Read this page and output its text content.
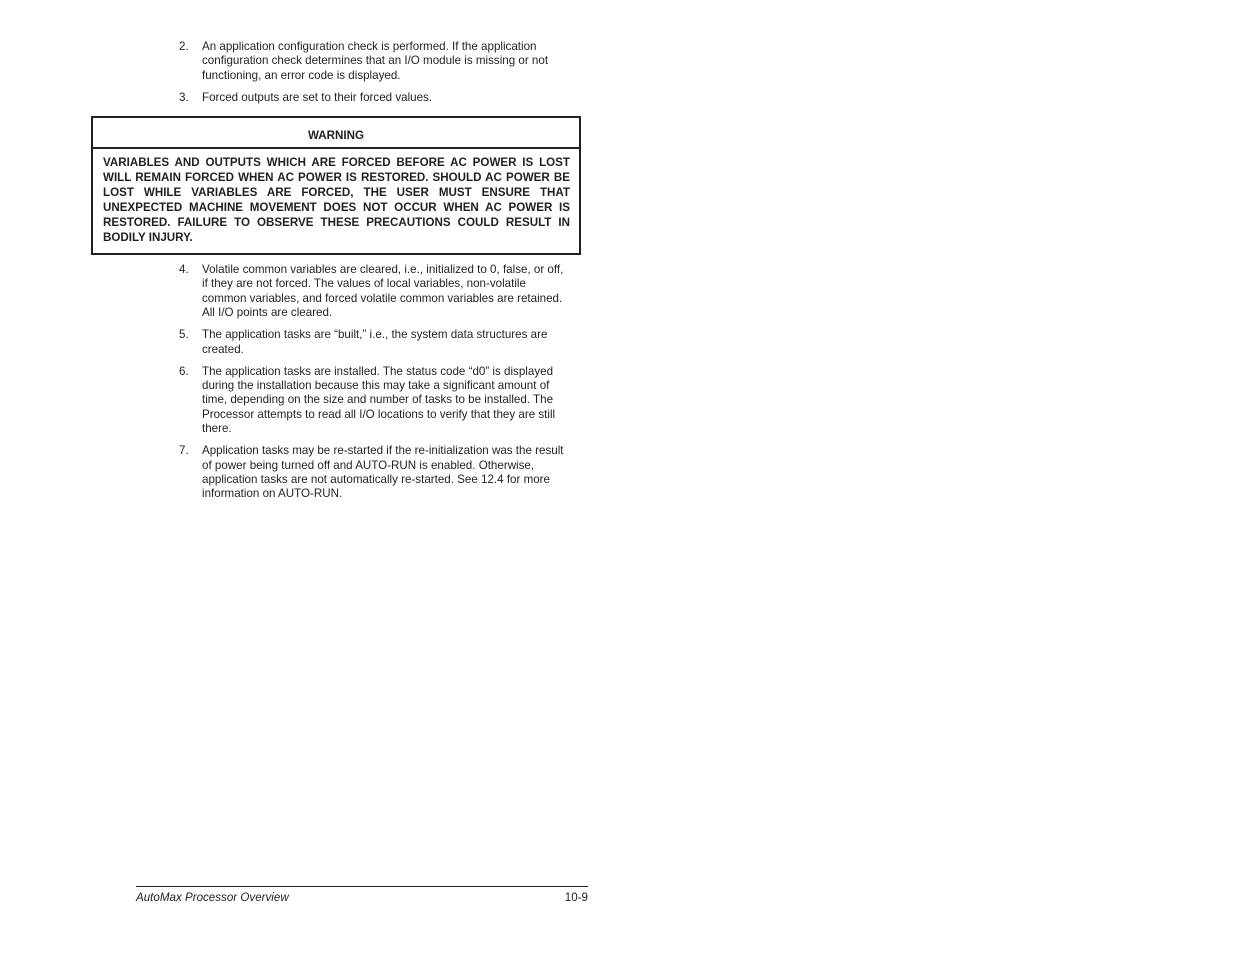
2.	An application configuration check is performed. If the application configuration check determines that an I/O module is missing or not functioning, an error code is displayed.
3.	Forced outputs are set to their forced values.
WARNING
VARIABLES AND OUTPUTS WHICH ARE FORCED BEFORE AC POWER IS LOST WILL REMAIN FORCED WHEN AC POWER IS RESTORED. SHOULD AC POWER BE LOST WHILE VARIABLES ARE FORCED, THE USER MUST ENSURE THAT UNEXPECTED MACHINE MOVEMENT DOES NOT OCCUR WHEN AC POWER IS RESTORED. FAILURE TO OBSERVE THESE PRECAUTIONS COULD RESULT IN BODILY INJURY.
4.	Volatile common variables are cleared, i.e., initialized to 0, false, or off, if they are not forced. The values of local variables, non-volatile common variables, and forced volatile common variables are retained. All I/O points are cleared.
5.	The application tasks are “built,” i.e., the system data structures are created.
6.	The application tasks are installed. The status code “d0” is displayed during the installation because this may take a significant amount of time, depending on the size and number of tasks to be installed. The Processor attempts to read all I/O locations to verify that they are still there.
7.	Application tasks may be re-started if the re-initialization was the result of power being turned off and AUTO-RUN is enabled. Otherwise, application tasks are not automatically re-started. See 12.4 for more information on AUTO-RUN.
AutoMax Processor Overview	10-9
